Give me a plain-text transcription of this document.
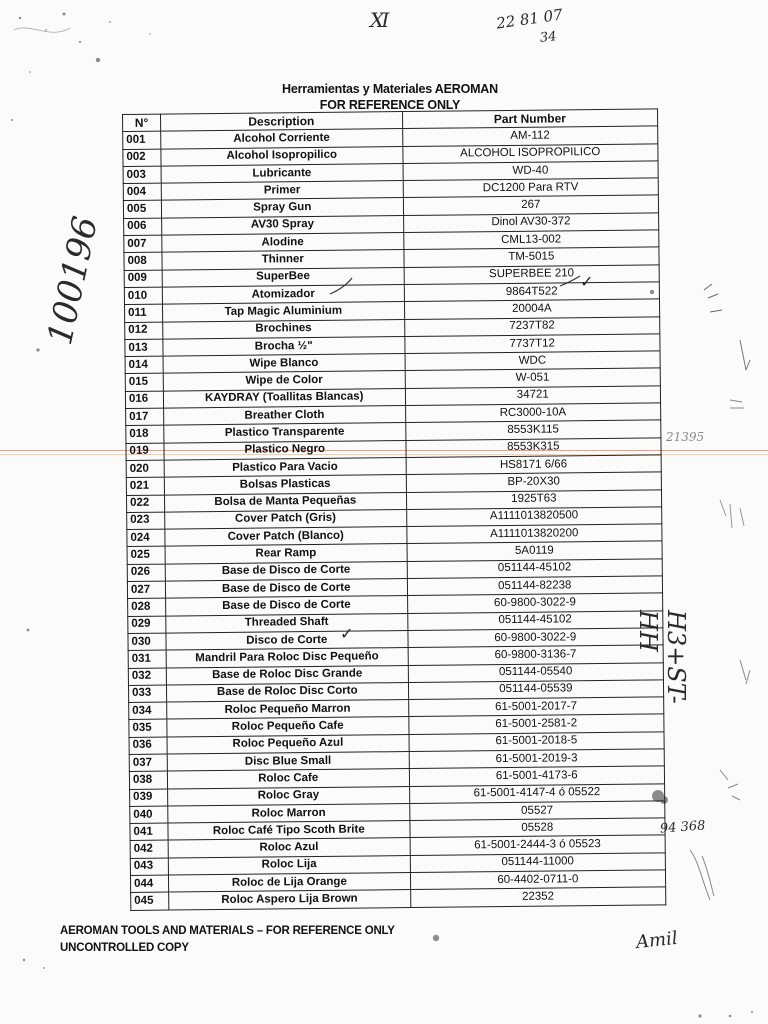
Ⅺ	22 81 07
34
100196
21395
H3+ST-HH
94 368
Amil
Herramientas y Materiales AEROMAN
FOR REFERENCE ONLY
N°	Description	Part Number
001	Alcohol Corriente	AM-112
002	Alcohol Isopropilico	ALCOHOL ISOPROPILICO
003	Lubricante	WD-40
004	Primer	DC1200 Para RTV
005	Spray Gun	267
006	AV30 Spray	Dinol AV30-372
007	Alodine	CML13-002
008	Thinner	TM-5015
009	SuperBee	SUPERBEE 210
010	Atomizador	9864T522
011	Tap Magic Aluminium	20004A
012	Brochines	7237T82
013	Brocha ½"	7737T12
014	Wipe Blanco	WDC
015	Wipe de Color	W-051
016	KAYDRAY (Toallitas Blancas)	34721
017	Breather Cloth	RC3000-10A
018	Plastico Transparente	8553K115
019	Plastico Negro	8553K315
020	Plastico Para Vacio	HS8171 6/66
021	Bolsas Plasticas	BP-20X30
022	Bolsa de Manta Pequeñas	1925T63
023	Cover Patch (Gris)	A1111013820500
024	Cover Patch (Blanco)	A1111013820200
025	Rear Ramp	5A0119
026	Base de Disco de Corte	051144-45102
027	Base de Disco de Corte	051144-82238
028	Base de Disco de Corte	60-9800-3022-9
029	Threaded Shaft	051144-45102
030	Disco de Corte	60-9800-3022-9
031	Mandril Para Roloc Disc Pequeño	60-9800-3136-7
032	Base de Roloc Disc Grande	051144-05540
033	Base de Roloc Disc Corto	051144-05539
034	Roloc Pequeño Marron	61-5001-2017-7
035	Roloc Pequeño Cafe	61-5001-2581-2
036	Roloc Pequeño Azul	61-5001-2018-5
037	Disc Blue Small	61-5001-2019-3
038	Roloc Cafe	61-5001-4173-6
039	Roloc Gray	61-5001-4147-4 ó 05522
040	Roloc Marron	05527
041	Roloc Café Tipo Scoth Brite	05528
042	Roloc Azul	61-5001-2444-3 ó 05523
043	Roloc Lija	051144-11000
044	Roloc de Lija Orange	60-4402-0711-0
045	Roloc Aspero Lija Brown	22352
AEROMAN TOOLS AND MATERIALS – FOR REFERENCE ONLY
UNCONTROLLED COPY
✓
✓
